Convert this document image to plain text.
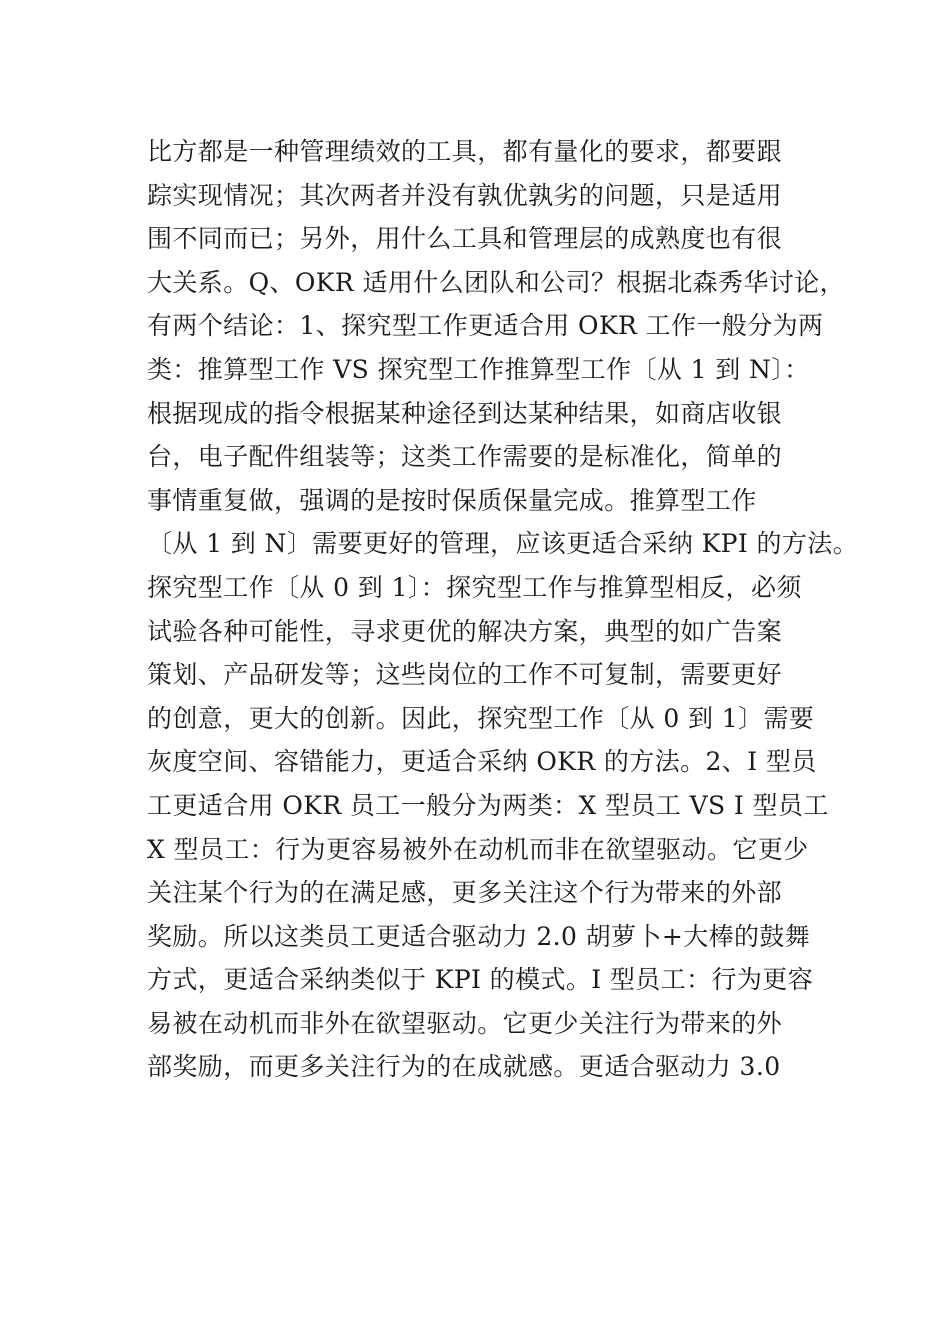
比方都是一种管理绩效的工具，都有量化的要求，都要跟
踪实现情况；其次两者并没有孰优孰劣的问题，只是适用
围不同而已；另外，用什么工具和管理层的成熟度也有很
大关系。Q、OKR 适用什么团队和公司？根据北森秀华讨论，
有两个结论：1、探究型工作更适合用 OKR 工作一般分为两
类：推算型工作 VS 探究型工作推算型工作〔从 1 到 N〕：
根据现成的指令根据某种途径到达某种结果，如商店收银
台，电子配件组装等；这类工作需要的是标准化，简单的
事情重复做，强调的是按时保质保量完成。推算型工作
〔从 1 到 N〕需要更好的管理，应该更适合采纳 KPI 的方法。
探究型工作〔从 0 到 1〕：探究型工作与推算型相反，必须
试验各种可能性，寻求更优的解决方案，典型的如广告案
策划、产品研发等；这些岗位的工作不可复制，需要更好
的创意，更大的创新。因此，探究型工作〔从 0 到 1〕需要
灰度空间、容错能力，更适合采纳 OKR 的方法。2、I 型员
工更适合用 OKR 员工一般分为两类：X 型员工 VS I 型员工
X 型员工：行为更容易被外在动机而非在欲望驱动。它更少
关注某个行为的在满足感，更多关注这个行为带来的外部
奖励。所以这类员工更适合驱动力 2.0 胡萝卜+大棒的鼓舞
方式，更适合采纳类似于 KPI 的模式。I 型员工：行为更容
易被在动机而非外在欲望驱动。它更少关注行为带来的外
部奖励，而更多关注行为的在成就感。更适合驱动力 3.0
